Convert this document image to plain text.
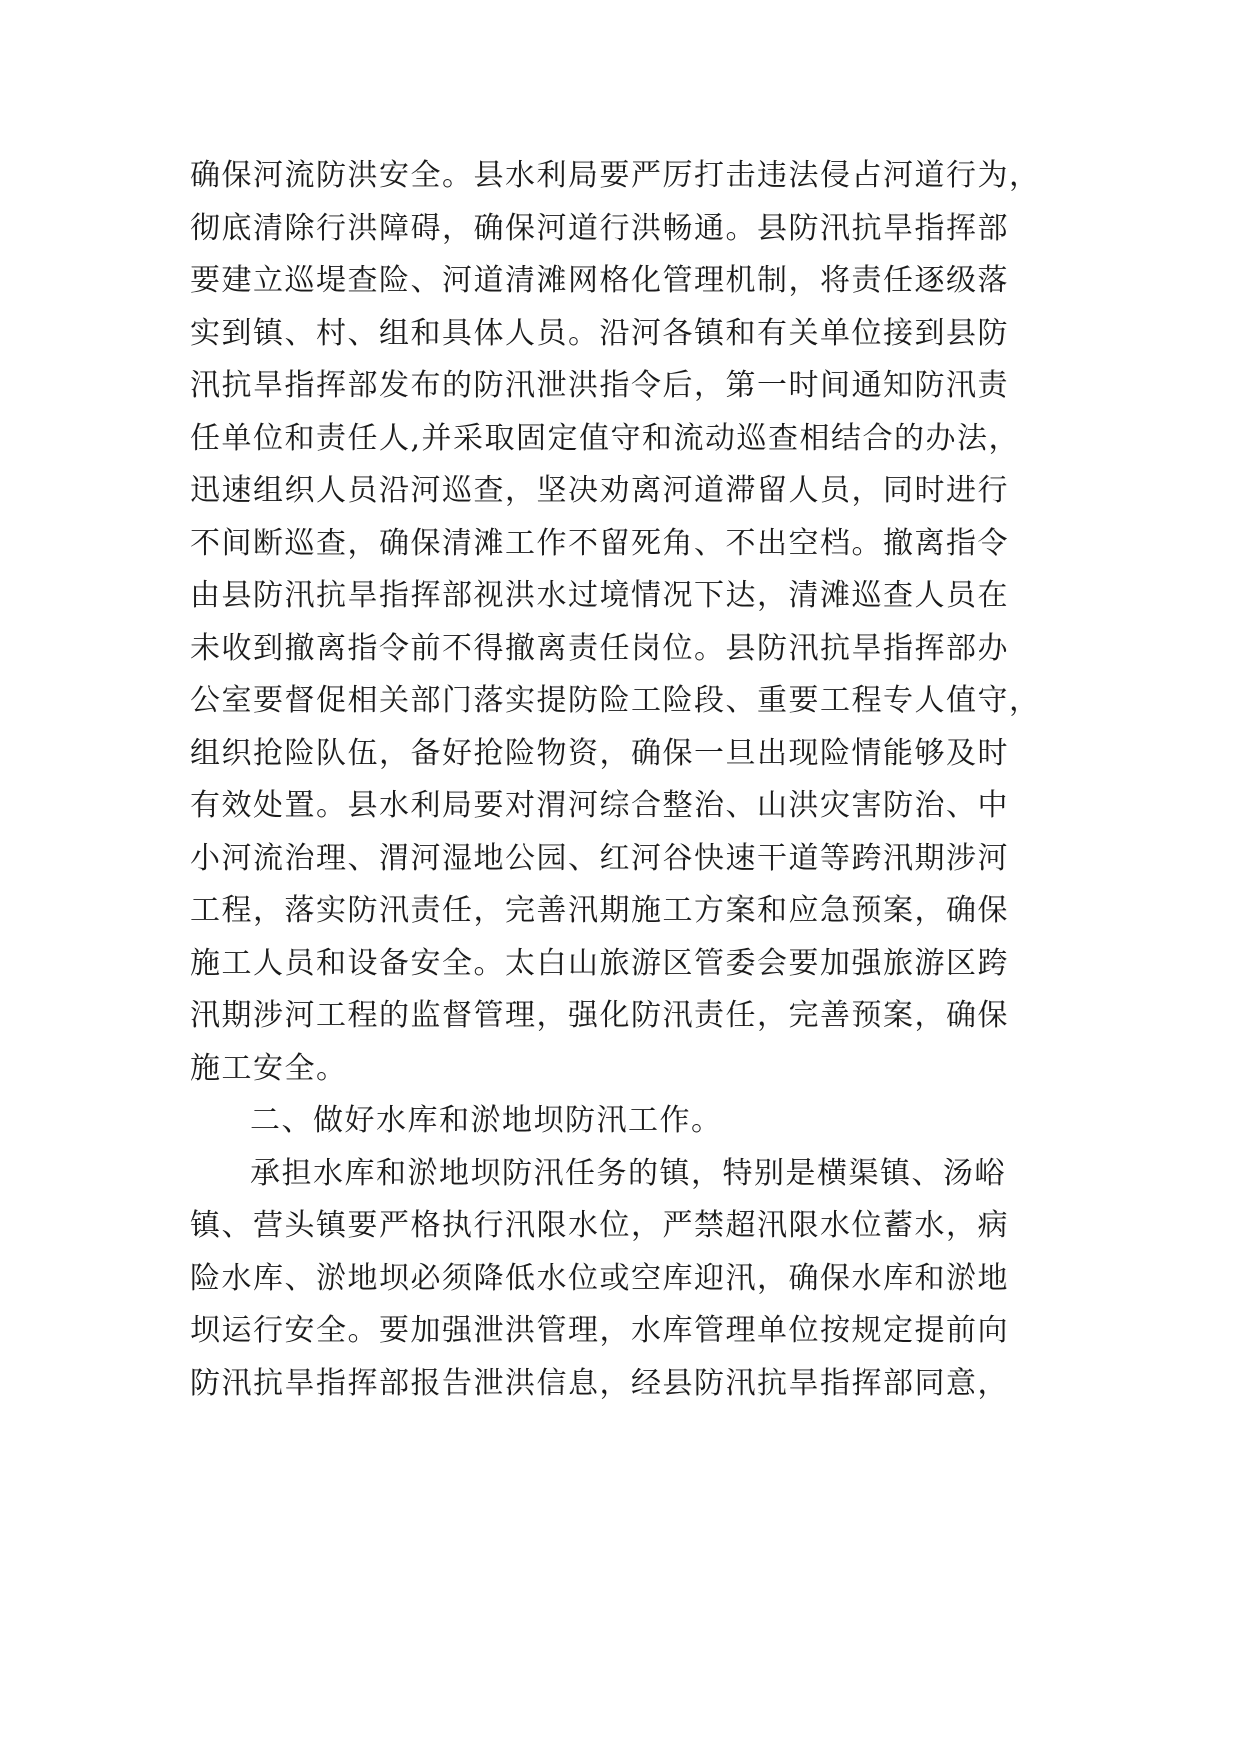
确保河流防洪安全。县水利局要严厉打击违法侵占河道行为，
彻底清除行洪障碍，确保河道行洪畅通。县防汛抗旱指挥部
要建立巡堤查险、河道清滩网格化管理机制，将责任逐级落
实到镇、村、组和具体人员。沿河各镇和有关单位接到县防
汛抗旱指挥部发布的防汛泄洪指令后，第一时间通知防汛责
任单位和责任人,并采取固定值守和流动巡查相结合的办法，
迅速组织人员沿河巡查，坚决劝离河道滞留人员，同时进行
不间断巡查，确保清滩工作不留死角、不出空档。撤离指令
由县防汛抗旱指挥部视洪水过境情况下达，清滩巡查人员在
未收到撤离指令前不得撤离责任岗位。县防汛抗旱指挥部办
公室要督促相关部门落实提防险工险段、重要工程专人值守，
组织抢险队伍，备好抢险物资，确保一旦出现险情能够及时
有效处置。县水利局要对渭河综合整治、山洪灾害防治、中
小河流治理、渭河湿地公园、红河谷快速干道等跨汛期涉河
工程，落实防汛责任，完善汛期施工方案和应急预案，确保
施工人员和设备安全。太白山旅游区管委会要加强旅游区跨
汛期涉河工程的监督管理，强化防汛责任，完善预案，确保
施工安全。
二、做好水库和淤地坝防汛工作。
承担水库和淤地坝防汛任务的镇，特别是横渠镇、汤峪
镇、营头镇要严格执行汛限水位，严禁超汛限水位蓄水，病
险水库、淤地坝必须降低水位或空库迎汛，确保水库和淤地
坝运行安全。要加强泄洪管理，水库管理单位按规定提前向
防汛抗旱指挥部报告泄洪信息，经县防汛抗旱指挥部同意，
